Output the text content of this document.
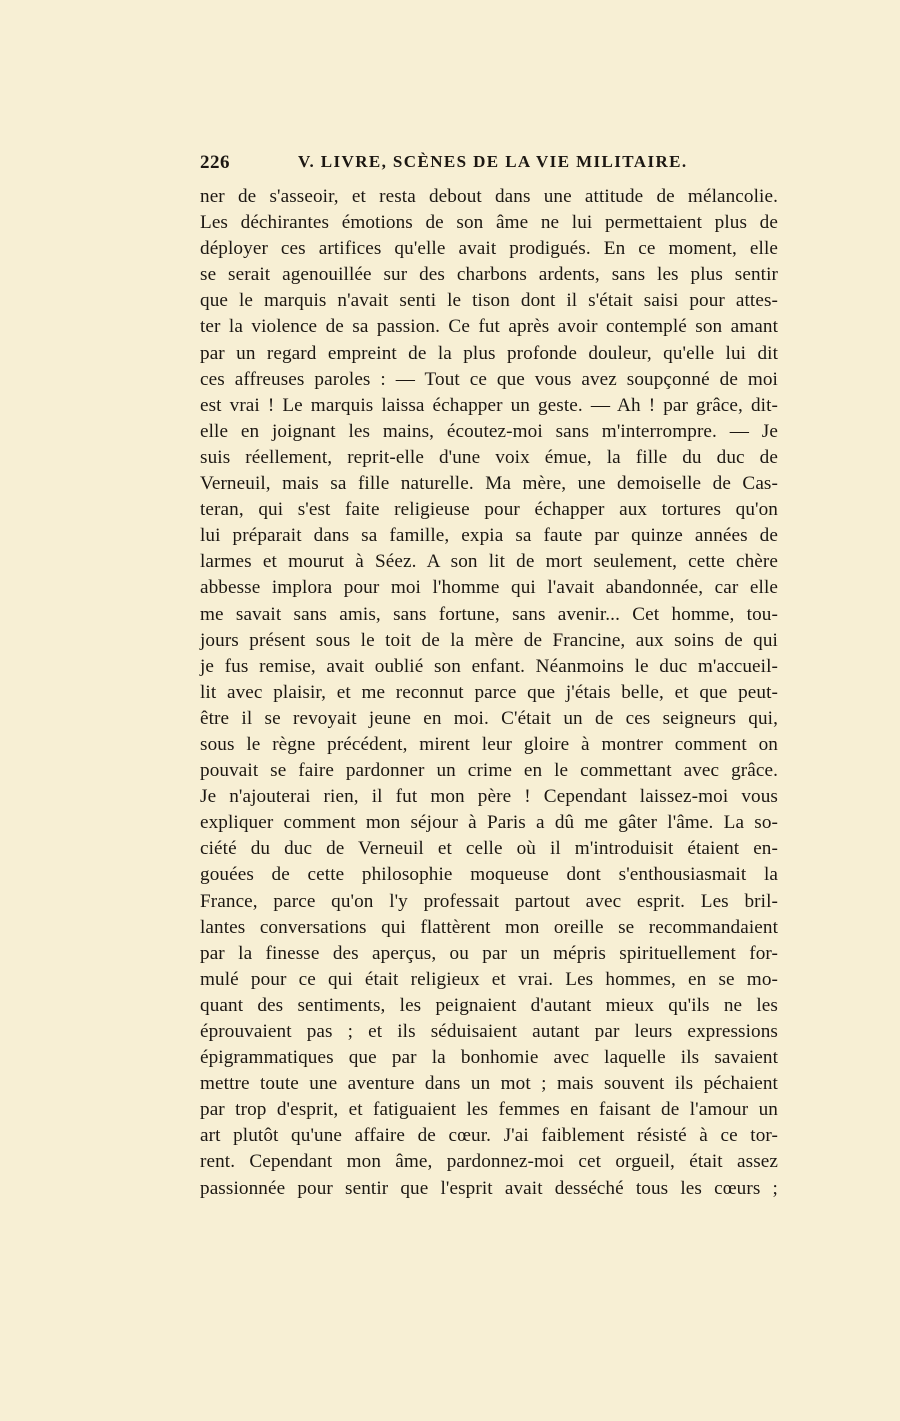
226	V. LIVRE, SCÈNES DE LA VIE MILITAIRE.
ner de s'asseoir, et resta debout dans une attitude de mélancolie.
Les déchirantes émotions de son âme ne lui permettaient plus de
déployer ces artifices qu'elle avait prodigués. En ce moment, elle
se serait agenouillée sur des charbons ardents, sans les plus sentir
que le marquis n'avait senti le tison dont il s'était saisi pour attes-
ter la violence de sa passion. Ce fut après avoir contemplé son amant
par un regard empreint de la plus profonde douleur, qu'elle lui dit
ces affreuses paroles : — Tout ce que vous avez soupçonné de moi
est vrai ! Le marquis laissa échapper un geste. — Ah ! par grâce, dit-
elle en joignant les mains, écoutez-moi sans m'interrompre. — Je
suis réellement, reprit-elle d'une voix émue, la fille du duc de
Verneuil, mais sa fille naturelle. Ma mère, une demoiselle de Cas-
teran, qui s'est faite religieuse pour échapper aux tortures qu'on
lui préparait dans sa famille, expia sa faute par quinze années de
larmes et mourut à Séez. A son lit de mort seulement, cette chère
abbesse implora pour moi l'homme qui l'avait abandonnée, car elle
me savait sans amis, sans fortune, sans avenir... Cet homme, tou-
jours présent sous le toit de la mère de Francine, aux soins de qui
je fus remise, avait oublié son enfant. Néanmoins le duc m'accueil-
lit avec plaisir, et me reconnut parce que j'étais belle, et que peut-
être il se revoyait jeune en moi. C'était un de ces seigneurs qui,
sous le règne précédent, mirent leur gloire à montrer comment on
pouvait se faire pardonner un crime en le commettant avec grâce.
Je n'ajouterai rien, il fut mon père ! Cependant laissez-moi vous
expliquer comment mon séjour à Paris a dû me gâter l'âme. La so-
ciété du duc de Verneuil et celle où il m'introduisit étaient en-
gouées de cette philosophie moqueuse dont s'enthousiasmait la
France, parce qu'on l'y professait partout avec esprit. Les bril-
lantes conversations qui flattèrent mon oreille se recommandaient
par la finesse des aperçus, ou par un mépris spirituellement for-
mulé pour ce qui était religieux et vrai. Les hommes, en se mo-
quant des sentiments, les peignaient d'autant mieux qu'ils ne les
éprouvaient pas ; et ils séduisaient autant par leurs expressions
épigrammatiques que par la bonhomie avec laquelle ils savaient
mettre toute une aventure dans un mot ; mais souvent ils péchaient
par trop d'esprit, et fatiguaient les femmes en faisant de l'amour un
art plutôt qu'une affaire de cœur. J'ai faiblement résisté à ce tor-
rent. Cependant mon âme, pardonnez-moi cet orgueil, était assez
passionnée pour sentir que l'esprit avait desséché tous les cœurs ;
